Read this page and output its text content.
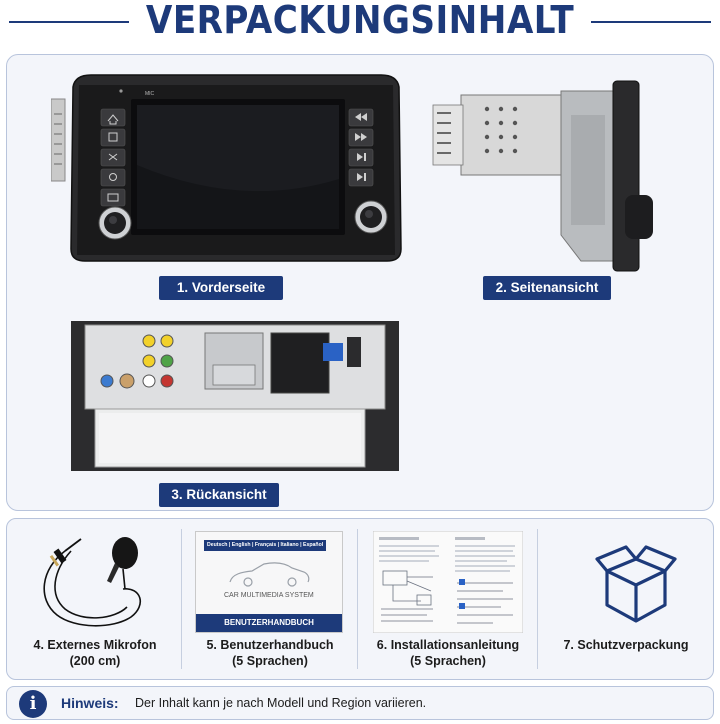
VERPACKUNGSINHALT
MIC
1. Vorderseite	2. Seitenansicht
3. Rückansicht
4. Externes Mikrofon
(200 cm)
Deutsch | English | Français | Italiano | Español
CAR MULTIMEDIA SYSTEM
BENUTZERHANDBUCH
5. Benutzerhandbuch
(5 Sprachen)
6. Installationsanleitung
(5 Sprachen)
7. Schutzverpackung
i	Hinweis: Der Inhalt kann je nach Modell und Region variieren.
